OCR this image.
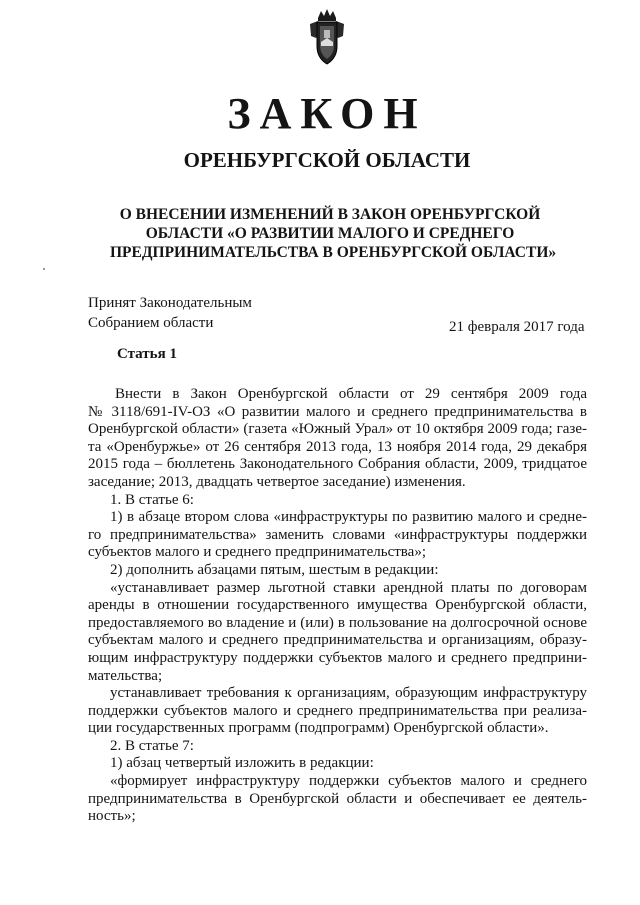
ЗАКОН
ОРЕНБУРГСКОЙ ОБЛАСТИ
О ВНЕСЕНИИ ИЗМЕНЕНИЙ В ЗАКОН ОРЕНБУРГСКОЙ
ОБЛАСТИ «О РАЗВИТИИ МАЛОГО И СРЕДНЕГО
ПРЕДПРИНИМАТЕЛЬСТВА В ОРЕНБУРГСКОЙ ОБЛАСТИ»
Принят Законодательным
Собранием области	21 февраля 2017 года
Статья 1
Внести в Закон Оренбургской области от 29 сентября 2009 года
№ 3118/691-IV-ОЗ «О развитии малого и среднего предпринимательства в
Оренбургской области» (газета «Южный Урал» от 10 октября 2009 года; газе-
та «Оренбуржье» от 26 сентября 2013 года, 13 ноября 2014 года, 29 декабря
2015 года – бюллетень Законодательного Собрания области, 2009, тридцатое
заседание; 2013, двадцать четвертое заседание) изменения.
1. В статье 6:
1) в абзаце втором слова «инфраструктуры по развитию малого и средне-
го предпринимательства» заменить словами «инфраструктуры поддержки
субъектов малого и среднего предпринимательства»;
2) дополнить абзацами пятым, шестым в редакции:
«устанавливает размер льготной ставки арендной платы по договорам
аренды в отношении государственного имущества Оренбургской области,
предоставляемого во владение и (или) в пользование на долгосрочной основе
субъектам малого и среднего предпринимательства и организациям, образу-
ющим инфраструктуру поддержки субъектов малого и среднего предприни-
мательства;
устанавливает требования к организациям, образующим инфраструктуру
поддержки субъектов малого и среднего предпринимательства при реализа-
ции государственных программ (подпрограмм) Оренбургской области».
2. В статье 7:
1) абзац четвертый изложить в редакции:
«формирует инфраструктуру поддержки субъектов малого и среднего
предпринимательства в Оренбургской области и обеспечивает ее деятель-
ность»;
